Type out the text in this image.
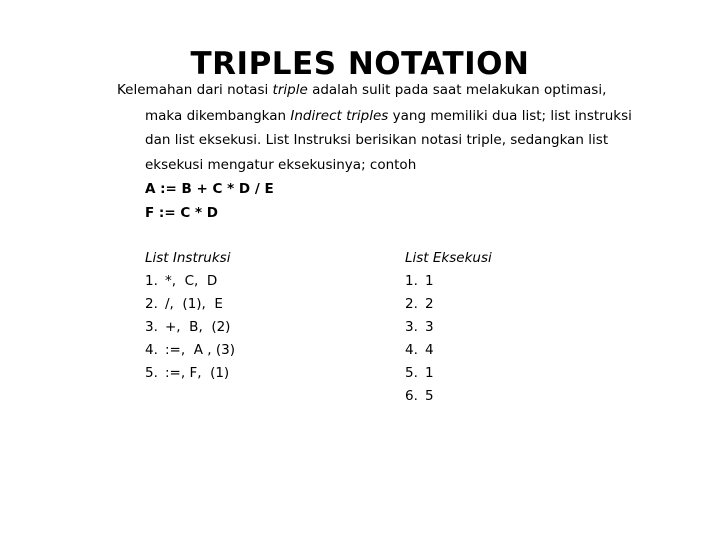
TRIPLES NOTATION

Kelemahan dari notasi triple adalah sulit pada saat melakukan optimasi,

maka dikembangkan Indirect triples yang memiliki dua list; list instruksi

dan list eksekusi. List Instruksi berisikan notasi triple, sedangkan list

eksekusi mengatur eksekusinya; contoh

A := B + C * D / E

F := C * D

List Instruksi
1. *,  C,  D
2. /,  (1),  E
3. +,  B,  (2)
4. :=,  A , (3)
5. :=, F,  (1)
List Eksekusi
1. 1
2. 2
3. 3
4. 4
5. 1
6. 5
